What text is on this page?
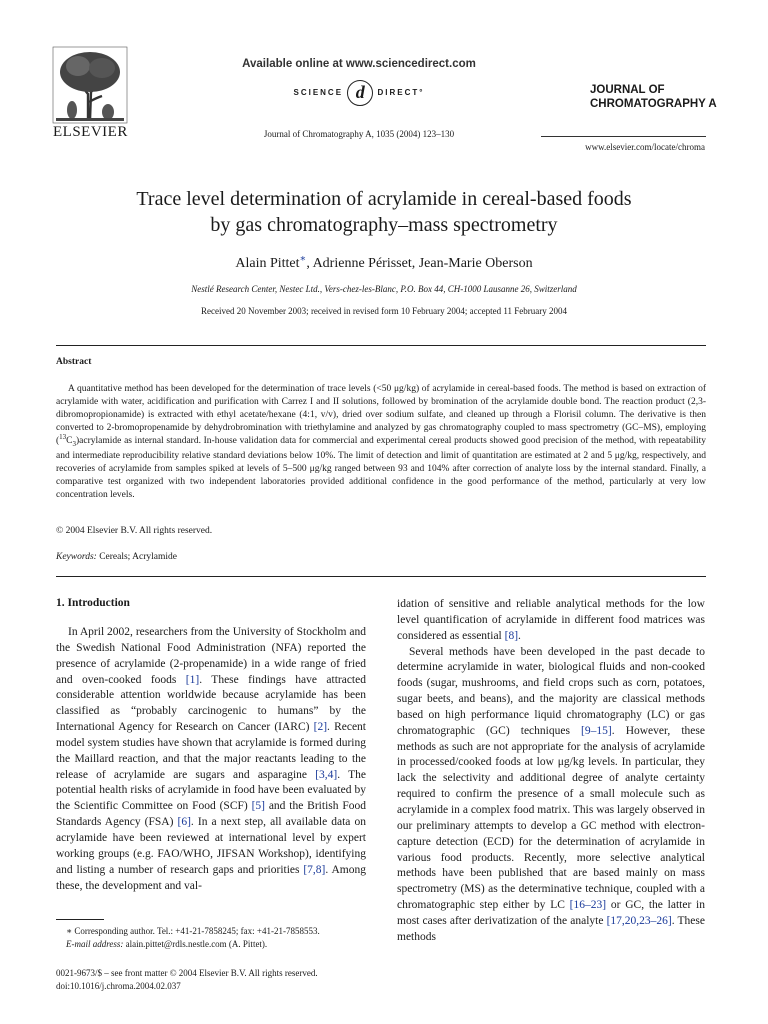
ELSEVIER
Available online at www.sciencedirect.com
SCIENCE d DIRECT°
Journal of Chromatography A, 1035 (2004) 123–130
JOURNAL OF
CHROMATOGRAPHY A
www.elsevier.com/locate/chroma
Trace level determination of acrylamide in cereal-based foods
by gas chromatography–mass spectrometry
Alain Pittet∗, Adrienne Périsset, Jean-Marie Oberson
Nestlé Research Center, Nestec Ltd., Vers-chez-les-Blanc, P.O. Box 44, CH-1000 Lausanne 26, Switzerland
Received 20 November 2003; received in revised form 10 February 2004; accepted 11 February 2004
Abstract

A quantitative method has been developed for the determination of trace levels (<50 μg/kg) of acrylamide in cereal-based foods. The method is based on extraction of acrylamide with water, acidification and purification with Carrez I and II solutions, followed by bromination of the acrylamide double bond. The reaction product (2,3-dibromopropionamide) is extracted with ethyl acetate/hexane (4:1, v/v), dried over sodium sulfate, and cleaned up through a Florisil column. The derivative is then converted to 2-bromopropenamide by dehydrobromination with triethylamine and analyzed by gas chromatography coupled to mass spectrometry (GC–MS), employing $(^{13}C_3)acrylamide$ as internal standard. In-house validation data for commercial and experimental cereal products showed good precision of the method, with repeatability and intermediate reproducibility relative standard deviations below 10%. The limit of detection and limit of quantitation are estimated at 2 and 5 μg/kg, respectively, and recoveries of acrylamide from samples spiked at levels of 5–500 μg/kg ranged between 93 and 104% after correction of analyte loss by the internal standard. Finally, a comparative test organized with two independent laboratories provided additional confidence in the good performance of the method, particularly at very low concentration levels.

© 2004 Elsevier B.V. All rights reserved.
Keywords: Cereals; Acrylamide
1. Introduction

In April 2002, researchers from the University of Stockholm and the Swedish National Food Administration (NFA) reported the presence of acrylamide (2-propenamide) in a wide range of fried and oven-cooked foods [1]. These findings have attracted considerable attention worldwide because acrylamide has been classified as “probably carcinogenic to humans” by the International Agency for Research on Cancer (IARC) [2]. Recent model system studies have shown that acrylamide is formed during the Maillard reaction, and that the major reactants leading to the release of acrylamide are sugars and asparagine [3,4]. The potential health risks of acrylamide in food have been evaluated by the Scientific Committee on Food (SCF) [5] and the British Food Standards Agency (FSA) [6]. In a next step, all available data on acrylamide have been reviewed at international level by expert working groups (e.g. FAO/WHO, JIFSAN Workshop), identifying and listing a number of research gaps and priorities [7,8]. Among these, the development and val-

idation of sensitive and reliable analytical methods for the low level quantification of acrylamide in different food matrices was considered as essential [8].

Several methods have been developed in the past decade to determine acrylamide in water, biological fluids and non-cooked foods (sugar, mushrooms, and field crops such as corn, potatoes, sugar beets, and beans), and the majority are classical methods based on high performance liquid chromatography (LC) or gas chromatographic (GC) techniques [9–15]. However, these methods as such are not appropriate for the analysis of acrylamide in processed/cooked foods at low μg/kg levels. In particular, they lack the selectivity and additional degree of analyte certainty required to confirm the presence of a small molecule such as acrylamide in a complex food matrix. This was largely observed in our preliminary attempts to develop a GC method with electron-capture detection (ECD) for the determination of acrylamide in various food products. Recently, more selective analytical methods have been published that are based mainly on mass spectrometry (MS) as the determinative technique, coupled with a chromatographic step either by LC [16–23] or GC, the latter in most cases after derivatization of the analyte [17,20,23–26]. These methods

∗ Corresponding author. Tel.: +41-21-7858245; fax: +41-21-7858553.
E-mail address: alain.pittet@rdls.nestle.com (A. Pittet).
0021-9673/$ – see front matter © 2004 Elsevier B.V. All rights reserved.
doi:10.1016/j.chroma.2004.02.037
